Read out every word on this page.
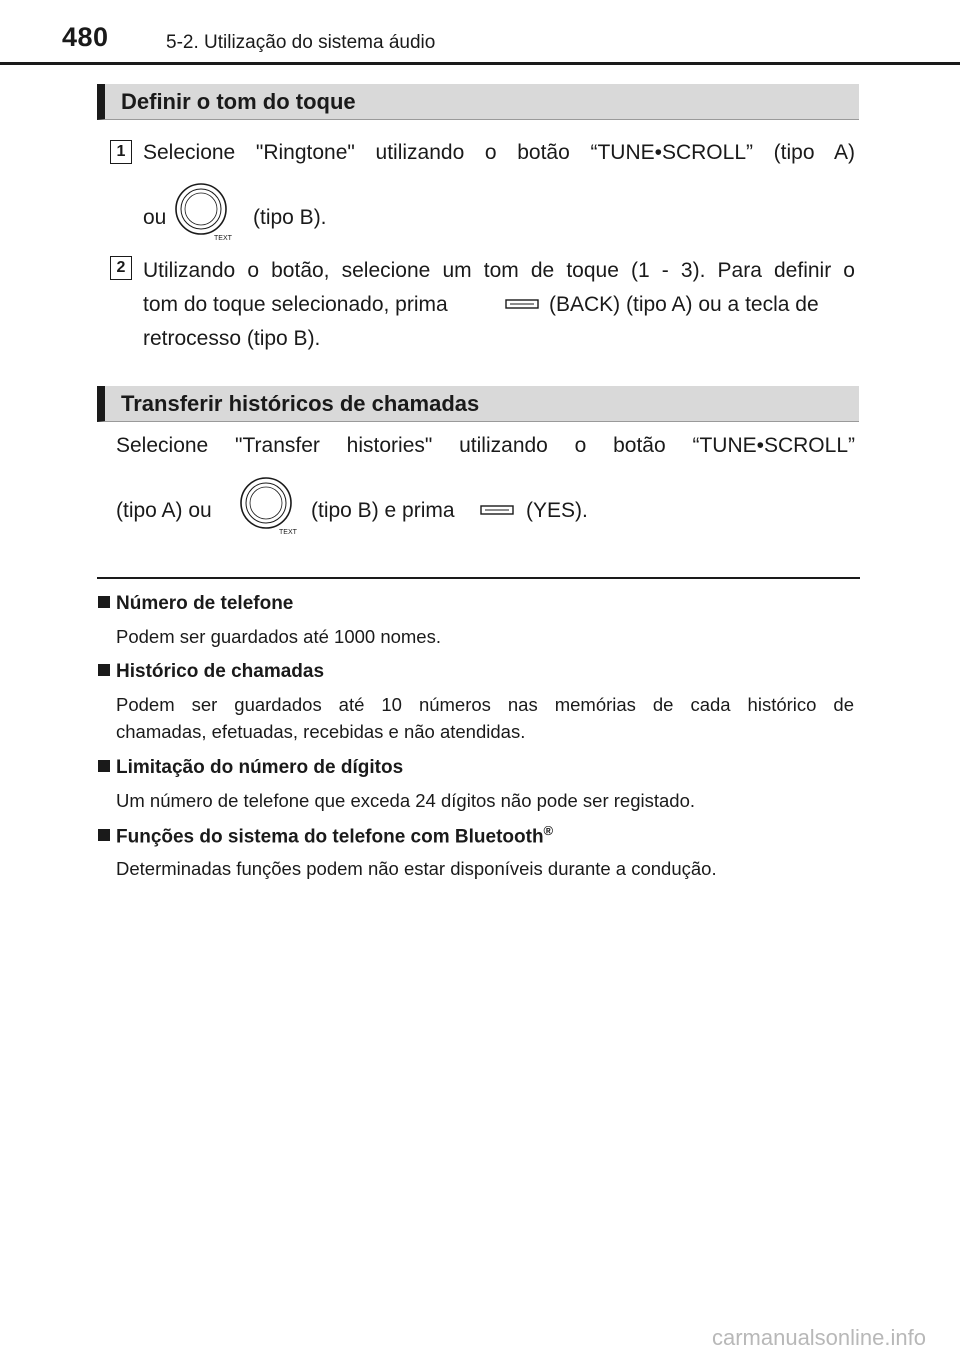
480	5-2. Utilização do sistema áudio
Definir o tom do toque
1 Selecione "Ringtone" utilizando o botão “TUNE•SCROLL” (tipo A)
ou
TEXT
(tipo B).
2 Utilizando o botão, selecione um tom de toque (1 - 3). Para definir o
tom do toque selecionado, prima	(BACK) (tipo A) ou a tecla de
retrocesso (tipo B).
Transferir históricos de chamadas
Selecione "Transfer histories" utilizando o botão “TUNE•SCROLL”
(tipo A) ou
TEXT
(tipo B) e prima	(YES).
Número de telefone
Podem ser guardados até 1000 nomes.
Histórico de chamadas
Podem ser guardados até 10 números nas memórias de cada histórico de
chamadas, efetuadas, recebidas e não atendidas.
Limitação do número de dígitos
Um número de telefone que exceda 24 dígitos não pode ser registado.
Funções do sistema do telefone com Bluetooth®
Determinadas funções podem não estar disponíveis durante a condução.
carmanualsonline.info
